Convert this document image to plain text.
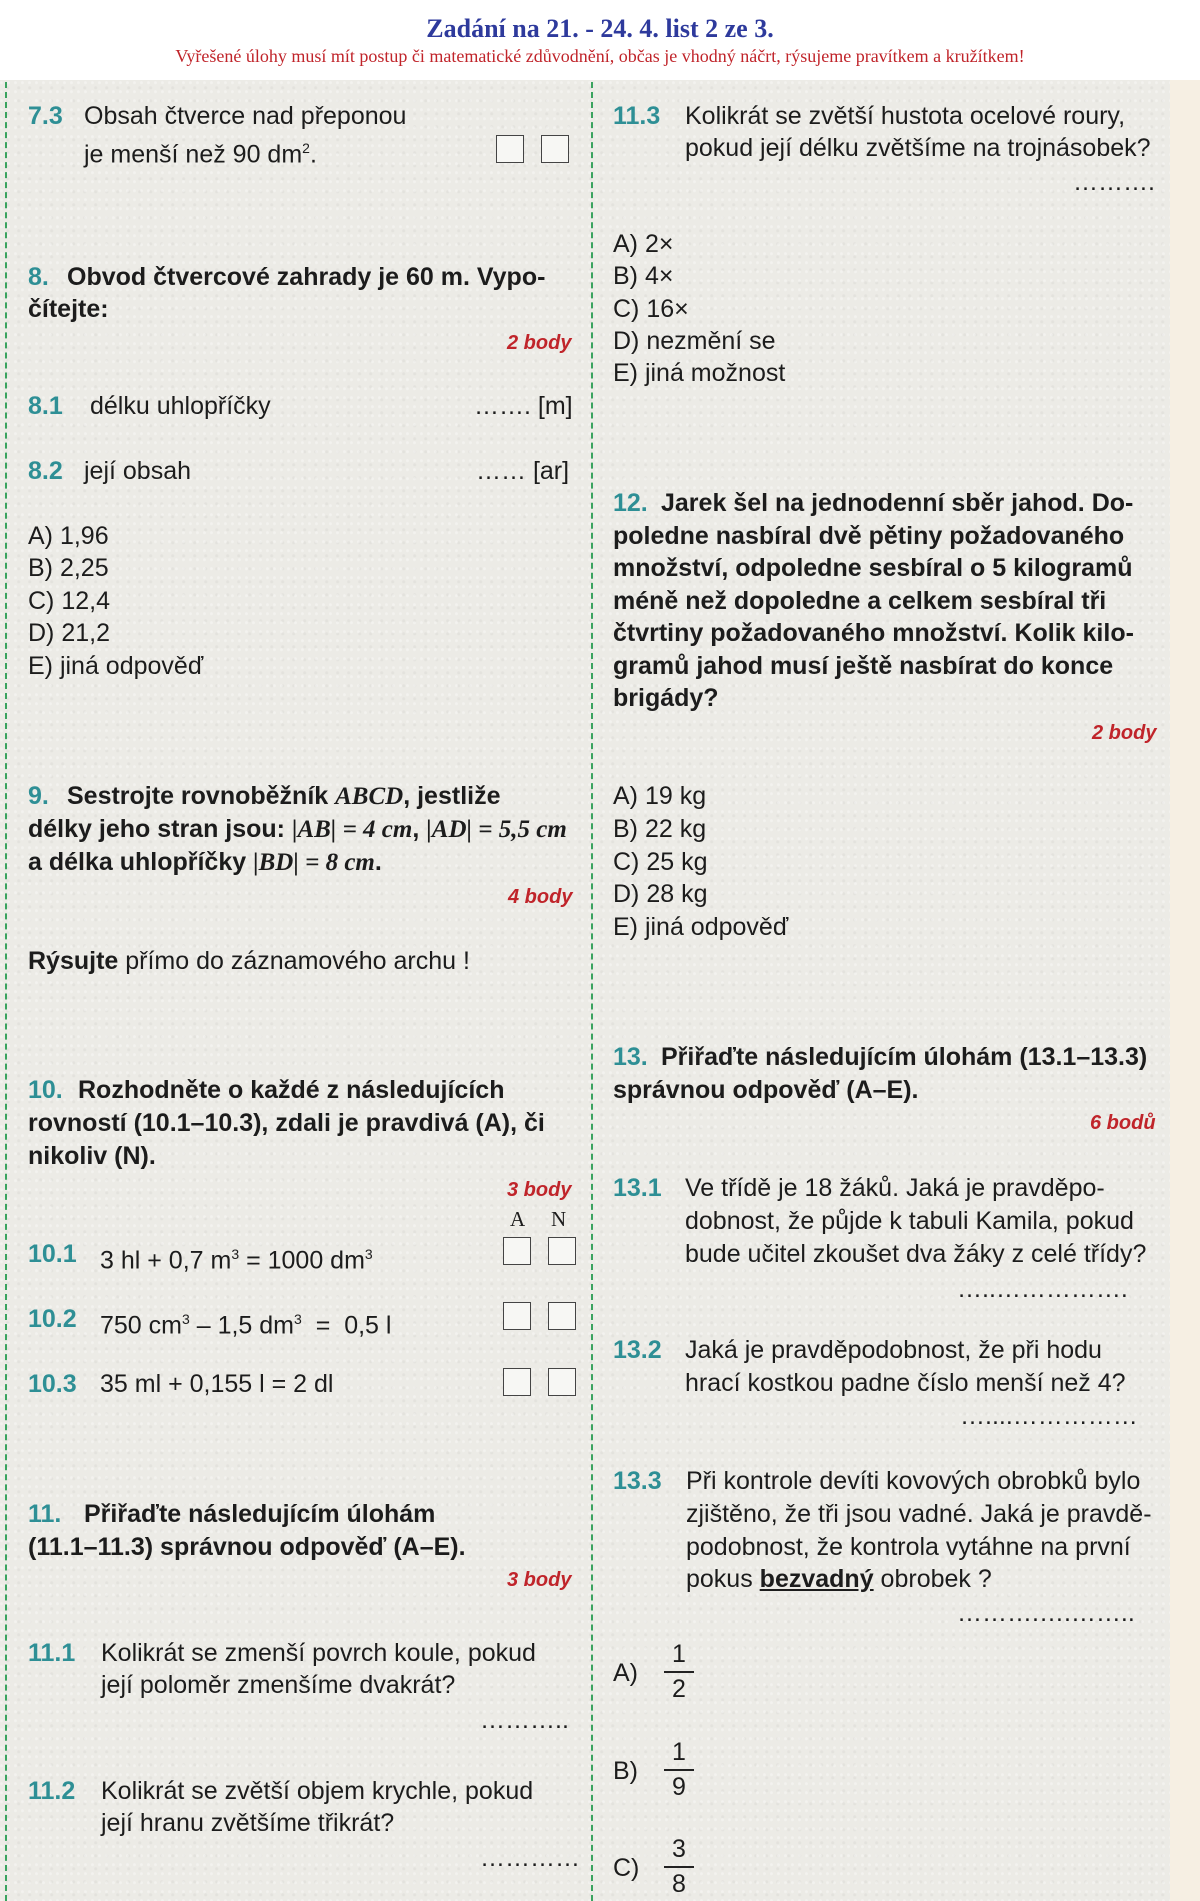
Zadání na 21. - 24. 4. list 2 ze 3.
Vyřešené úlohy musí mít postup či matematické zdůvodnění, občas je vhodný náčrt, rýsujeme pravítkem a kružítkem!
7.3 Obsah čtverce nad přeponou
je menší než 90 $dm^2$.
8. Obvod čtvercové zahrady je 60 m. Vypo-
čítejte:
2 body
8.1 délku uhlopříčky	……. [m]
8.2 její obsah	…… [ar]
A) 1,96
B) 2,25
C) 12,4
D) 21,2
E) jiná odpověď
9. Sestrojte rovnoběžník ABCD, jestliže
délky jeho stran jsou: |AB| = 4 cm, |AD| = 5,5 cm
a délka uhlopříčky |BD| = 8 cm.
4 body
Rýsujte přímo do záznamového archu !
10. Rozhodněte o každé z následujících
rovností (10.1–10.3), zdali je pravdivá (A), či
nikoliv (N).
3 body
A N
10.1 3 hl + 0,7 $m^3 = 1000$ $dm^3$
10.2 750 $cm^3 - 1,5$ $dm^3 = 0,5$ l
10.3 35 ml + 0,155 l = 2 dl
11. Přiřaďte následujícím úlohám
(11.1–11.3) správnou odpověď (A–E).
3 body
11.1 Kolikrát se zmenší povrch koule, pokud
její poloměr zmenšíme dvakrát?
………..
11.2 Kolikrát se zvětší objem krychle, pokud
její hranu zvětšíme třikrát?
…………
11.3 Kolikrát se zvětší hustota ocelové roury,
pokud její délku zvětšíme na trojnásobek?
……….
A) 2×
B) 4×
C) 16×
D) nezmění se
E) jiná možnost
12. Jarek šel na jednodenní sběr jahod. Do-
poledne nasbíral dvě pětiny požadovaného
množství, odpoledne sesbíral o 5 kilogramů
méně než dopoledne a celkem sesbíral tři
čtvrtiny požadovaného množství. Kolik kilo-
gramů jahod musí ještě nasbírat do konce
brigády?
2 body
A) 19 kg
B) 22 kg
C) 25 kg
D) 28 kg
E) jiná odpověď
13. Přiřaďte následujícím úlohám (13.1–13.3)
správnou odpověď (A–E).
6 bodů
13.1 Ve třídě je 18 žáků. Jaká je pravděpo-
dobnost, že půjde k tabuli Kamila, pokud
bude učitel zkoušet dva žáky z celé třídy?
…..…………….
13.2 Jaká je pravděpodobnost, že při hodu
hrací kostkou padne číslo menší než 4?
…....……………
13.3 Při kontrole devíti kovových obrobků bylo
zjištěno, že tři jsou vadné. Jaká je pravdě-
podobnost, že kontrola vytáhne na první
pokus bezvadný obrobek ?
……….….……..
A)
1
2
B)
1
9
C)
3
8
